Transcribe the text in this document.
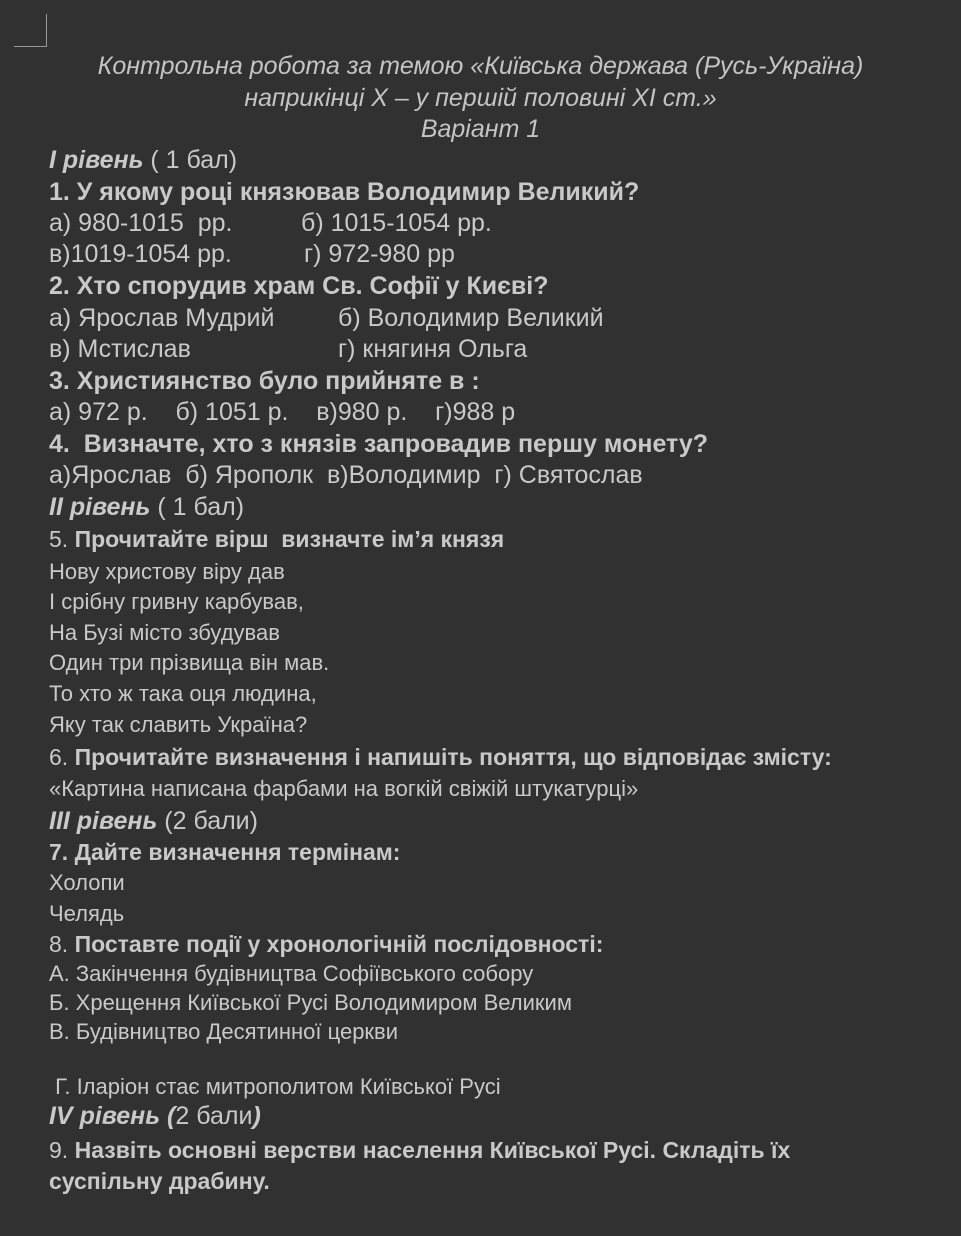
Контрольна робота за темою «Київська держава (Русь-Україна)
наприкінці Х – у першій половині ХІ ст.»
Варіант 1
І рівень ( 1 бал)
1. У якому році князював Володимир Великий?
а) 980-1015  рр.	б) 1015-1054 рр.
в)1019-1054 рр.	г) 972-980 рр
2. Хто спорудив храм Св. Софії у Києві?
а) Ярослав Мудрий	б) Володимир Великий
в) Мстислав	г) княгиня Ольга
3. Християнство було прийняте в :
а) 972 р.    б) 1051 р.    в)980 р.    г)988 р
4.  Визначте, хто з князів запровадив першу монету?
а)Ярослав  б) Ярополк  в)Володимир  г) Святослав
ІІ рівень ( 1 бал)
5. Прочитайте вірш  визначте ім’я князя
Нову христову віру дав
І срібну гривну карбував,
На Бузі місто збудував
Один три прізвища він мав.
То хто ж така оця людина,
Яку так славить Україна?
6. Прочитайте визначення і напишіть поняття, що відповідає змісту:
«Картина написана фарбами на вогкій свіжій штукатурці»
ІІІ рівень (2 бали)
7. Дайте визначення термінам:
Холопи
Челядь
8. Поставте події у хронологічній послідовності:
А. Закінчення будівництва Софіївського собору
Б. Хрещення Київської Русі Володимиром Великим
В. Будівництво Десятинної церкви
Г. Іларіон стає митрополитом Київської Русі
ІV рівень (2 бали)
9. Назвіть основні верстви населення Київської Русі. Складіть їх
суспільну драбину.
